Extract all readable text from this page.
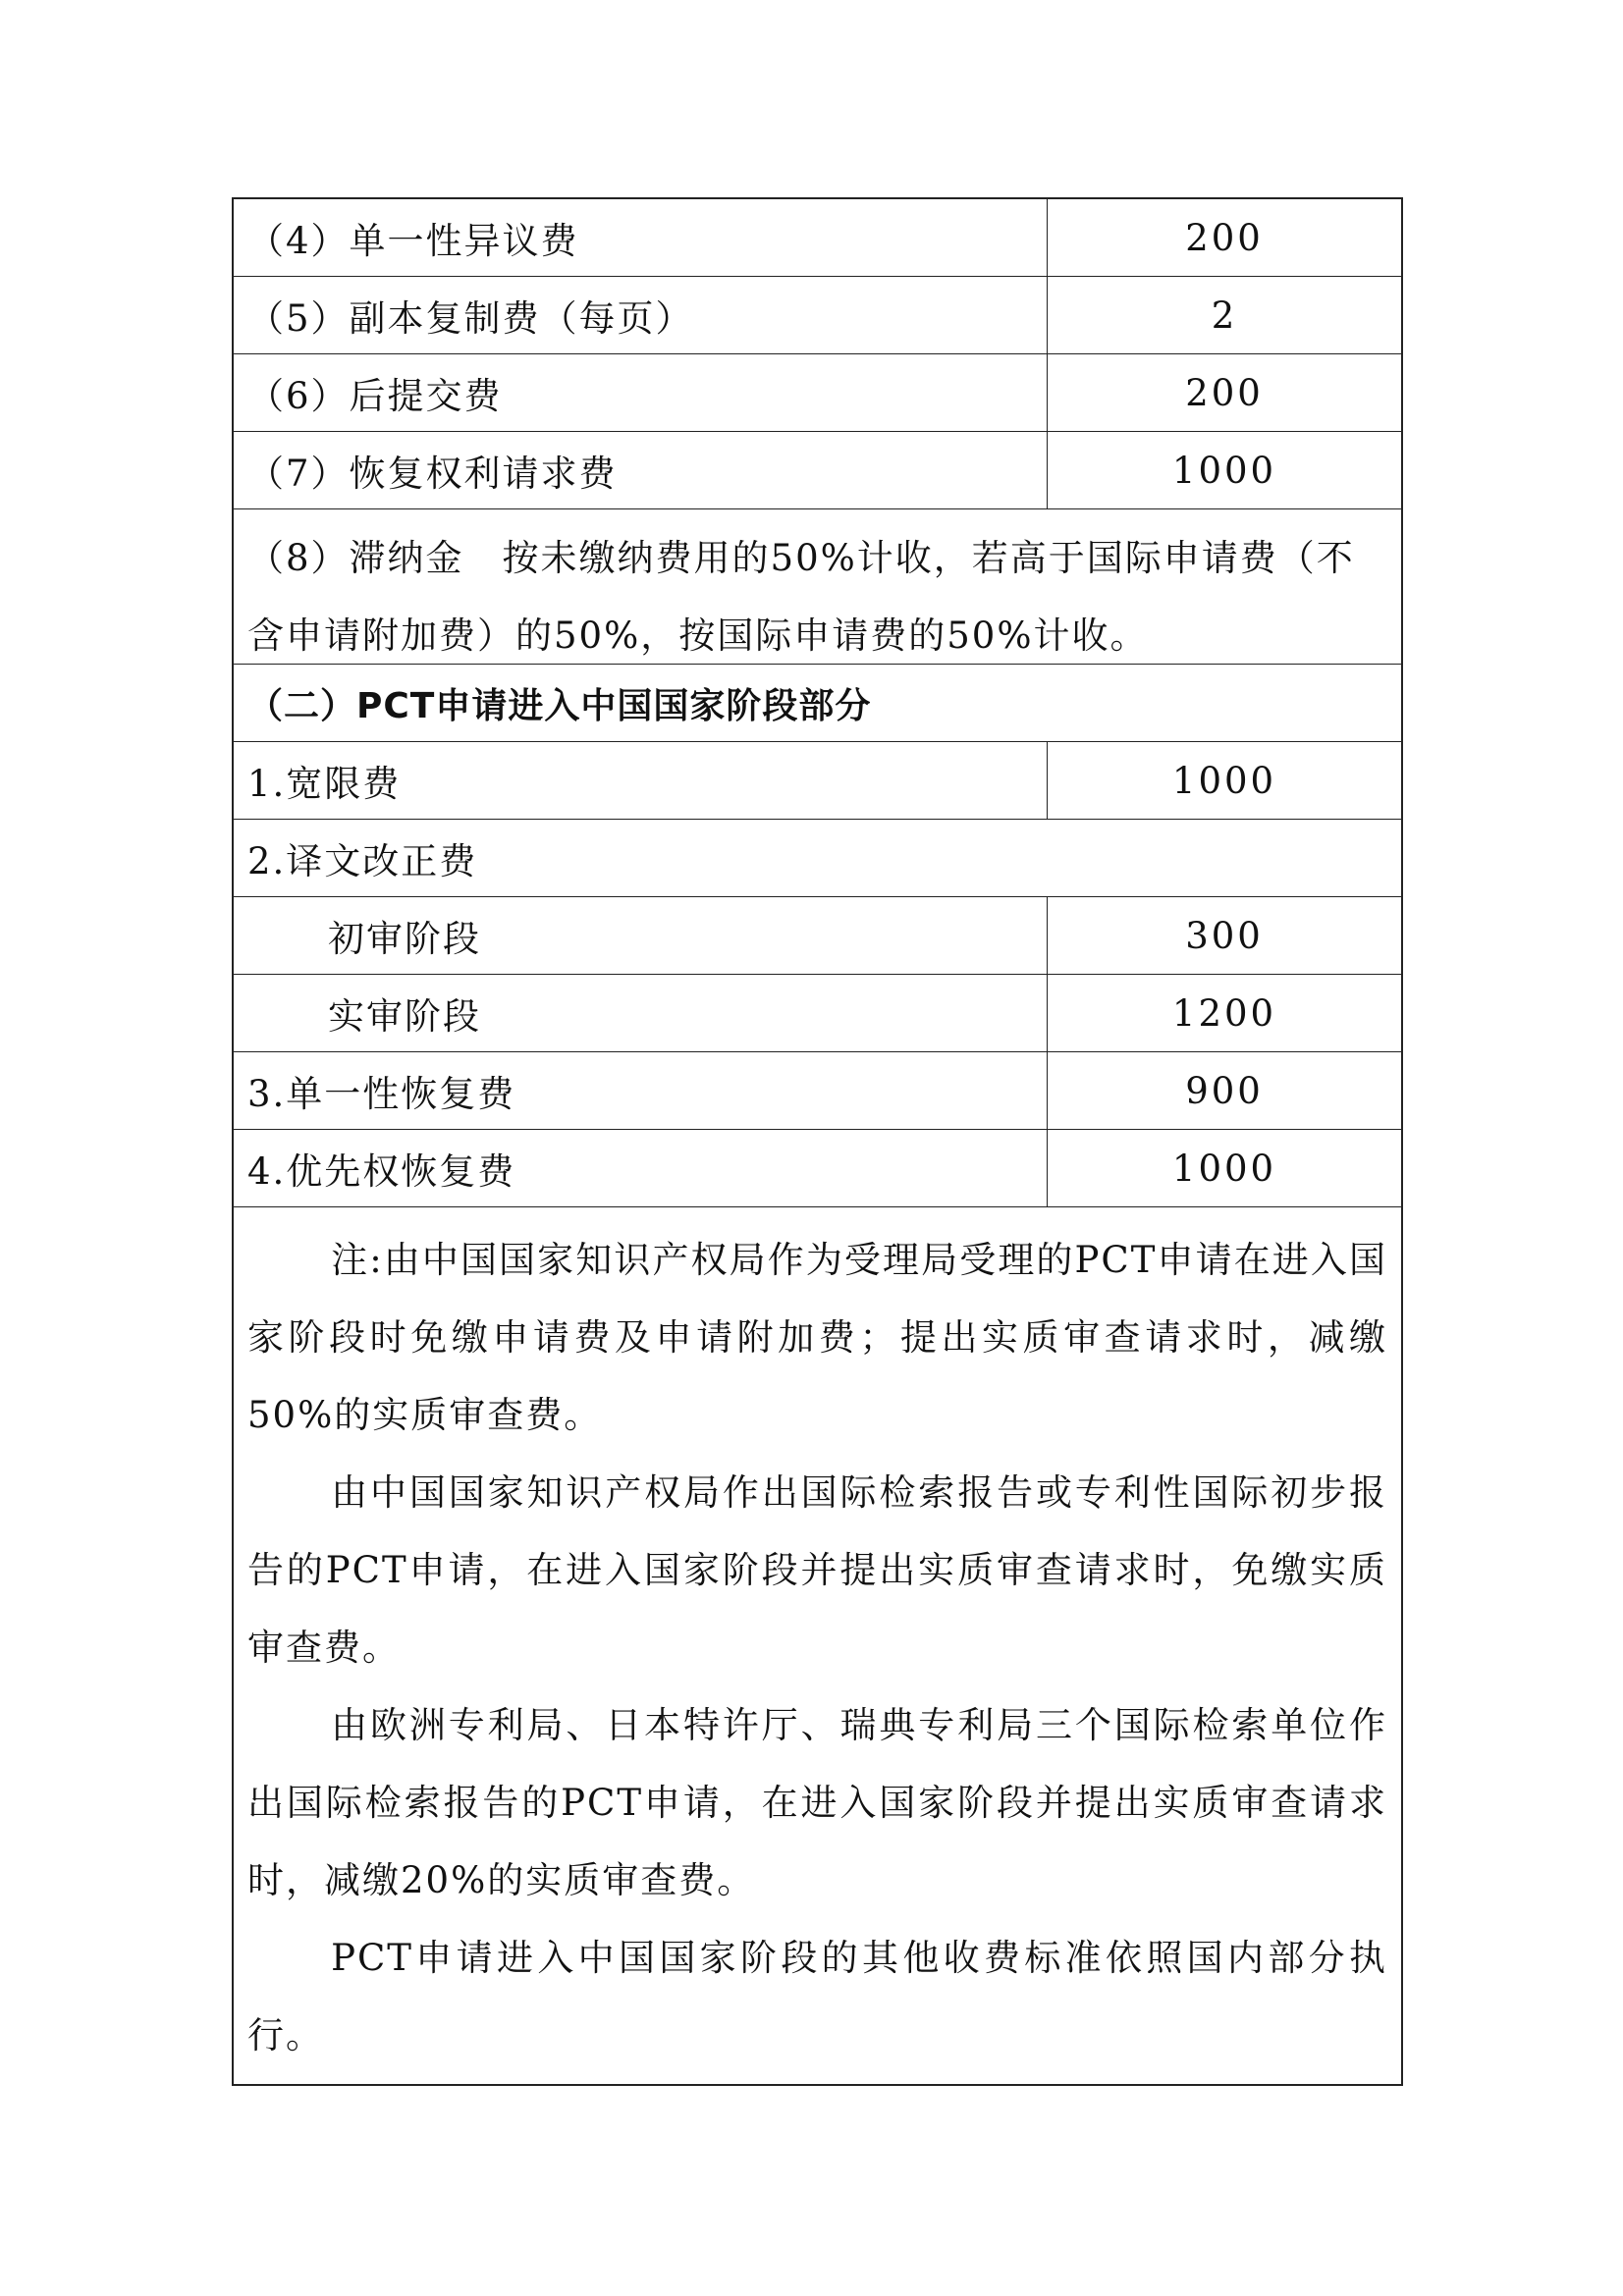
（4）单一性异议费	200
（5）副本复制费（每页）	2
（6）后提交费	200
（7）恢复权利请求费	1000
（8）滞纳金　按未缴纳费用的50%计收，若高于国际申请费（不含申请附加费）的50%，按国际申请费的50%计收。
（二）PCT申请进入中国国家阶段部分
1.宽限费	1000
2.译文改正费
初审阶段	300
实审阶段	1200
3.单一性恢复费	900
4.优先权恢复费	1000

注:由中国国家知识产权局作为受理局受理的PCT申请在进入国家阶段时免缴申请费及申请附加费；提出实质审查请求时，减缴50%的实质审查费。

由中国国家知识产权局作出国际检索报告或专利性国际初步报告的PCT申请，在进入国家阶段并提出实质审查请求时，免缴实质审查费。

由欧洲专利局、日本特许厅、瑞典专利局三个国际检索单位作出国际检索报告的PCT申请，在进入国家阶段并提出实质审查请求时，减缴20%的实质审查费。

PCT申请进入中国国家阶段的其他收费标准依照国内部分执行。
